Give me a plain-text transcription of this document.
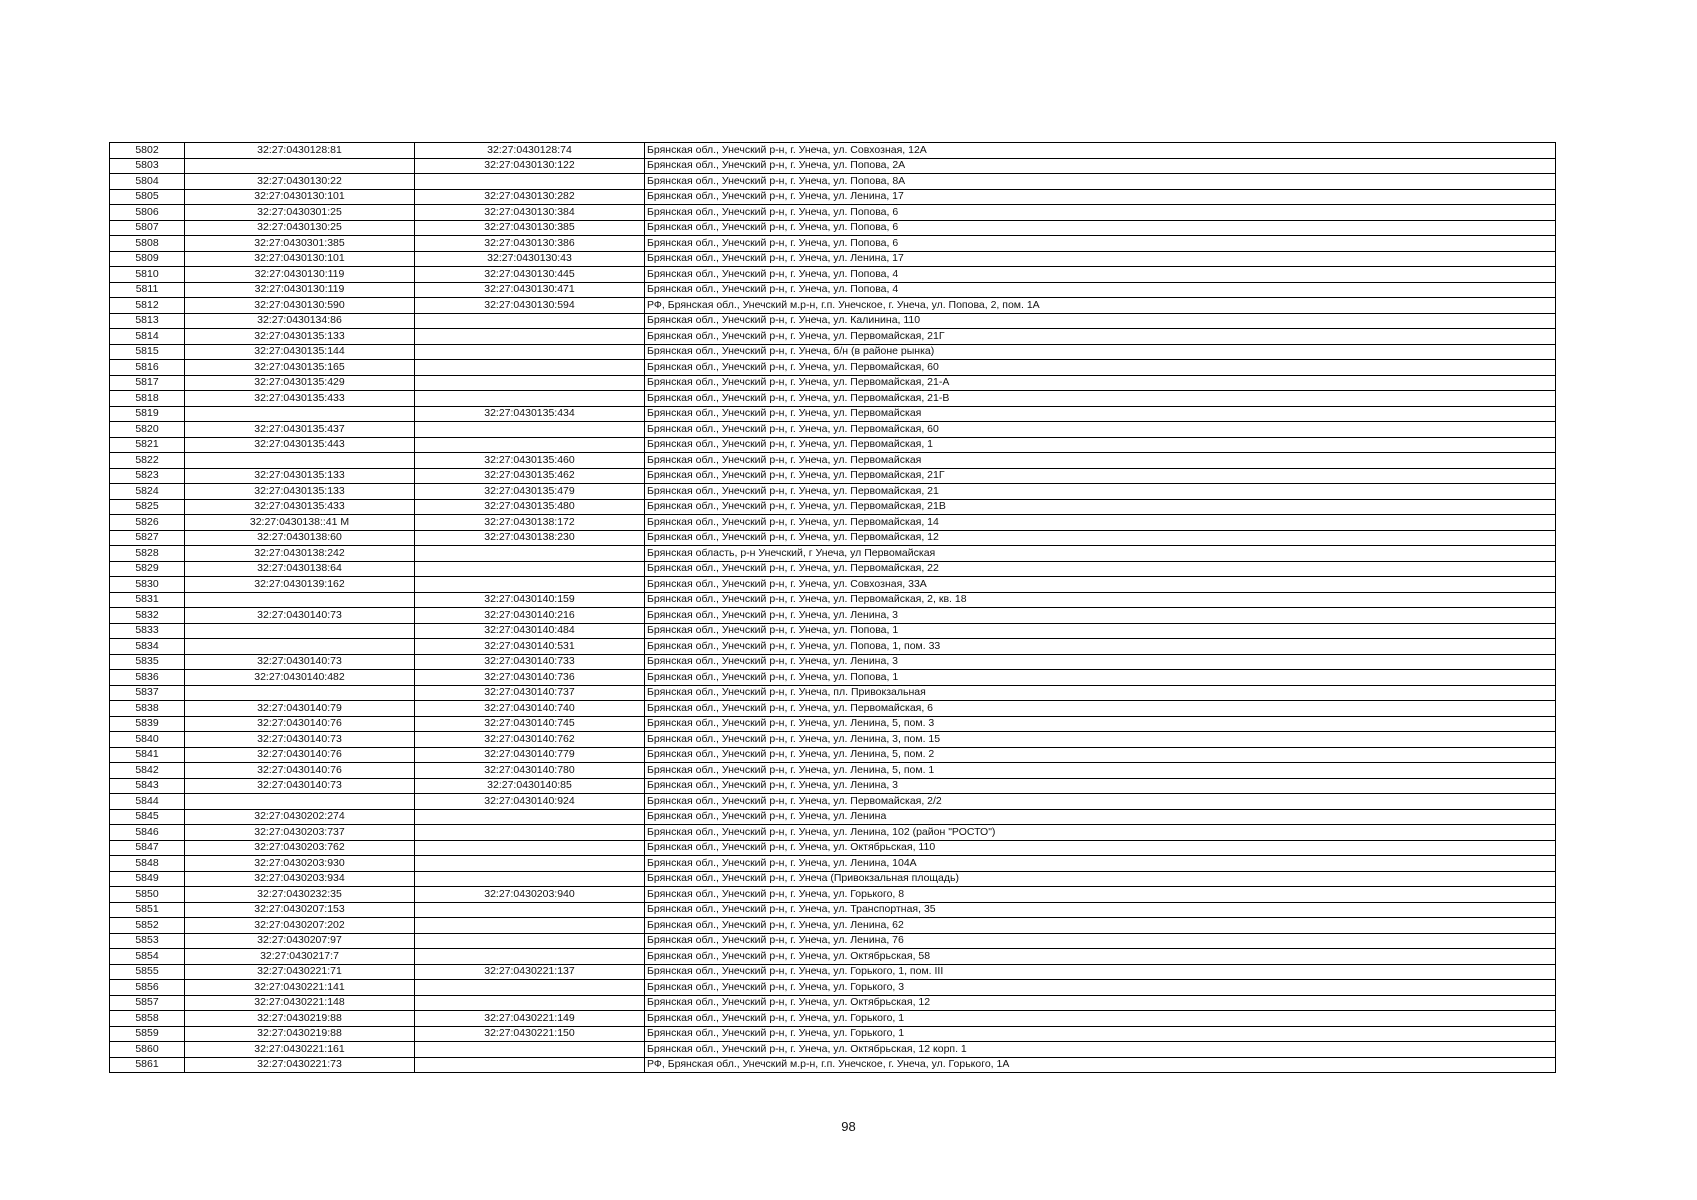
5802	32:27:0430128:81	32:27:0430128:74	Брянская обл., Унечский р-н, г. Унеча, ул. Совхозная, 12А
5803		32:27:0430130:122	Брянская обл., Унечский р-н, г. Унеча, ул. Попова, 2А
5804	32:27:0430130:22		Брянская обл., Унечский р-н, г. Унеча, ул. Попова, 8А
5805	32:27:0430130:101	32:27:0430130:282	Брянская обл., Унечский р-н, г. Унеча, ул. Ленина, 17
5806	32:27:0430301:25	32:27:0430130:384	Брянская обл., Унечский р-н, г. Унеча, ул. Попова, 6
5807	32:27:0430130:25	32:27:0430130:385	Брянская обл., Унечский р-н, г. Унеча, ул. Попова, 6
5808	32:27:0430301:385	32:27:0430130:386	Брянская обл., Унечский р-н, г. Унеча, ул. Попова, 6
5809	32:27:0430130:101	32:27:0430130:43	Брянская обл., Унечский р-н, г. Унеча, ул. Ленина, 17
5810	32:27:0430130:119	32:27:0430130:445	Брянская обл., Унечский р-н, г. Унеча, ул. Попова, 4
5811	32:27:0430130:119	32:27:0430130:471	Брянская обл., Унечский р-н, г. Унеча, ул. Попова, 4
5812	32:27:0430130:590	32:27:0430130:594	РФ, Брянская обл., Унечский м.р-н, г.п. Унечское, г. Унеча, ул. Попова, 2, пом. 1А
5813	32:27:0430134:86		Брянская обл., Унечский р-н, г. Унеча, ул. Калинина, 110
5814	32:27:0430135:133		Брянская обл., Унечский р-н, г. Унеча, ул. Первомайская, 21Г
5815	32:27:0430135:144		Брянская обл., Унечский р-н, г. Унеча, б/н (в районе рынка)
5816	32:27:0430135:165		Брянская обл., Унечский р-н, г. Унеча, ул. Первомайская, 60
5817	32:27:0430135:429		Брянская обл., Унечский р-н, г. Унеча, ул. Первомайская, 21-А
5818	32:27:0430135:433		Брянская обл., Унечский р-н, г. Унеча, ул. Первомайская, 21-В
5819		32:27:0430135:434	Брянская обл., Унечский р-н, г. Унеча, ул. Первомайская
5820	32:27:0430135:437		Брянская обл., Унечский р-н, г. Унеча, ул. Первомайская, 60
5821	32:27:0430135:443		Брянская обл., Унечский р-н, г. Унеча, ул. Первомайская, 1
5822		32:27:0430135:460	Брянская обл., Унечский р-н, г. Унеча, ул. Первомайская
5823	32:27:0430135:133	32:27:0430135:462	Брянская обл., Унечский р-н, г. Унеча, ул. Первомайская, 21Г
5824	32:27:0430135:133	32:27:0430135:479	Брянская обл., Унечский р-н, г. Унеча, ул. Первомайская, 21
5825	32:27:0430135:433	32:27:0430135:480	Брянская обл., Унечский р-н, г. Унеча, ул. Первомайская, 21В
5826	32:27:0430138::41 М	32:27:0430138:172	Брянская обл., Унечский р-н, г. Унеча, ул. Первомайская, 14
5827	32:27:0430138:60	32:27:0430138:230	Брянская обл., Унечский р-н, г. Унеча, ул. Первомайская, 12
5828	32:27:0430138:242		Брянская область, р-н Унечский, г Унеча, ул Первомайская
5829	32:27:0430138:64		Брянская обл., Унечский р-н, г. Унеча, ул. Первомайская, 22
5830	32:27:0430139:162		Брянская обл., Унечский р-н, г. Унеча, ул. Совхозная, 33А
5831		32:27:0430140:159	Брянская обл., Унечский р-н, г. Унеча, ул. Первомайская, 2, кв. 18
5832	32:27:0430140:73	32:27:0430140:216	Брянская обл., Унечский р-н, г. Унеча, ул. Ленина, 3
5833		32:27:0430140:484	Брянская обл., Унечский р-н, г. Унеча, ул. Попова, 1
5834		32:27:0430140:531	Брянская обл., Унечский р-н, г. Унеча, ул. Попова, 1, пом. 33
5835	32:27:0430140:73	32:27:0430140:733	Брянская обл., Унечский р-н, г. Унеча, ул. Ленина, 3
5836	32:27:0430140:482	32:27:0430140:736	Брянская обл., Унечский р-н, г. Унеча, ул. Попова, 1
5837		32:27:0430140:737	Брянская обл., Унечский р-н, г. Унеча, пл. Привокзальная
5838	32:27:0430140:79	32:27:0430140:740	Брянская обл., Унечский р-н, г. Унеча, ул. Первомайская, 6
5839	32:27:0430140:76	32:27:0430140:745	Брянская обл., Унечский р-н, г. Унеча, ул. Ленина, 5, пом. 3
5840	32:27:0430140:73	32:27:0430140:762	Брянская обл., Унечский р-н, г. Унеча, ул. Ленина, 3, пом. 15
5841	32:27:0430140:76	32:27:0430140:779	Брянская обл., Унечский р-н, г. Унеча, ул. Ленина, 5, пом. 2
5842	32:27:0430140:76	32:27:0430140:780	Брянская обл., Унечский р-н, г. Унеча, ул. Ленина, 5, пом. 1
5843	32:27:0430140:73	32:27:0430140:85	Брянская обл., Унечский р-н, г. Унеча, ул. Ленина, 3
5844		32:27:0430140:924	Брянская обл., Унечский р-н, г. Унеча, ул. Первомайская, 2/2
5845	32:27:0430202:274		Брянская обл., Унечский р-н, г. Унеча, ул. Ленина
5846	32:27:0430203:737		Брянская обл., Унечский р-н, г. Унеча, ул. Ленина, 102 (район "РОСТО")
5847	32:27:0430203:762		Брянская обл., Унечский р-н, г. Унеча, ул. Октябрьская, 110
5848	32:27:0430203:930		Брянская обл., Унечский р-н, г. Унеча, ул. Ленина, 104А
5849	32:27:0430203:934		Брянская обл., Унечский р-н, г. Унеча (Привокзальная площадь)
5850	32:27:0430232:35	32:27:0430203:940	Брянская обл., Унечский р-н, г. Унеча, ул. Горького, 8
5851	32:27:0430207:153		Брянская обл., Унечский р-н, г. Унеча, ул. Транспортная, 35
5852	32:27:0430207:202		Брянская обл., Унечский р-н, г. Унеча, ул. Ленина, 62
5853	32:27:0430207:97		Брянская обл., Унечский р-н, г. Унеча, ул. Ленина, 76
5854	32:27:0430217:7		Брянская обл., Унечский р-н, г. Унеча, ул. Октябрьская, 58
5855	32:27:0430221:71	32:27:0430221:137	Брянская обл., Унечский р-н, г. Унеча, ул. Горького, 1, пом. III
5856	32:27:0430221:141		Брянская обл., Унечский р-н, г. Унеча, ул. Горького, 3
5857	32:27:0430221:148		Брянская обл., Унечский р-н, г. Унеча, ул. Октябрьская, 12
5858	32:27:0430219:88	32:27:0430221:149	Брянская обл., Унечский р-н, г. Унеча, ул. Горького, 1
5859	32:27:0430219:88	32:27:0430221:150	Брянская обл., Унечский р-н, г. Унеча, ул. Горького, 1
5860	32:27:0430221:161		Брянская обл., Унечский р-н, г. Унеча, ул. Октябрьская, 12 корп. 1
5861	32:27:0430221:73		РФ, Брянская обл., Унечский м.р-н, г.п. Унечское, г. Унеча, ул. Горького, 1А
98
